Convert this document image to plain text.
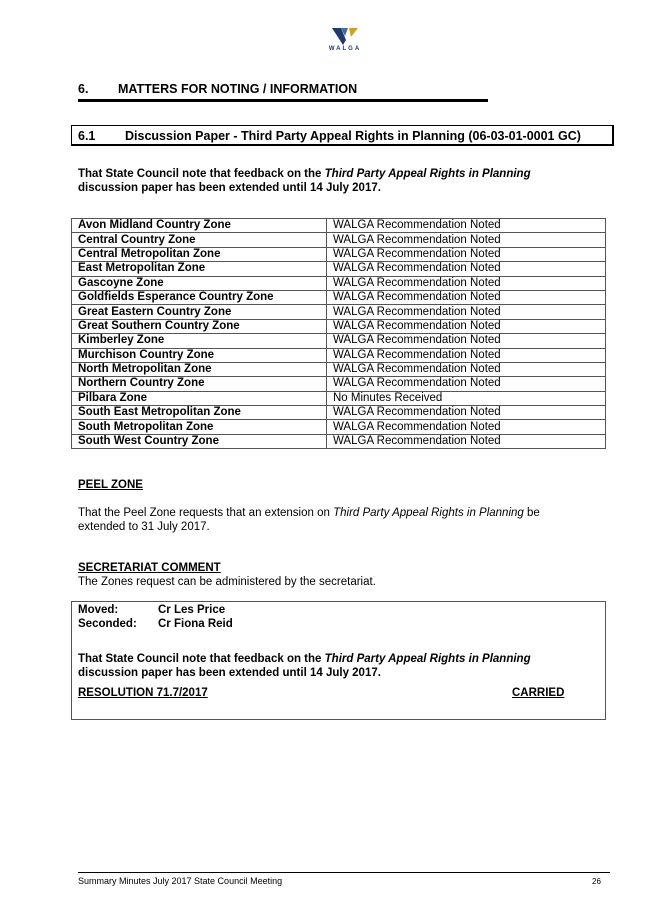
WALGA
6. MATTERS FOR NOTING / INFORMATION
6.1 Discussion Paper - Third Party Appeal Rights in Planning (06-03-01-0001 GC)
That State Council note that feedback on the Third Party Appeal Rights in Planning
discussion paper has been extended until 14 July 2017.
Avon Midland Country Zone	WALGA Recommendation Noted
Central Country Zone	WALGA Recommendation Noted
Central Metropolitan Zone	WALGA Recommendation Noted
East Metropolitan Zone	WALGA Recommendation Noted
Gascoyne Zone	WALGA Recommendation Noted
Goldfields Esperance Country Zone	WALGA Recommendation Noted
Great Eastern Country Zone	WALGA Recommendation Noted
Great Southern Country Zone	WALGA Recommendation Noted
Kimberley Zone	WALGA Recommendation Noted
Murchison Country Zone	WALGA Recommendation Noted
North Metropolitan Zone	WALGA Recommendation Noted
Northern Country Zone	WALGA Recommendation Noted
Pilbara Zone	No Minutes Received
South East Metropolitan Zone	WALGA Recommendation Noted
South Metropolitan Zone	WALGA Recommendation Noted
South West Country Zone	WALGA Recommendation Noted
PEEL ZONE
That the Peel Zone requests that an extension on Third Party Appeal Rights in Planning be
extended to 31 July 2017.
SECRETARIAT COMMENT
The Zones request can be administered by the secretariat.
Moved:	Cr Les Price
Seconded: Cr Fiona Reid
That State Council note that feedback on the Third Party Appeal Rights in Planning
discussion paper has been extended until 14 July 2017.
RESOLUTION 71.7/2017	CARRIED
Summary Minutes July 2017 State Council Meeting	26
